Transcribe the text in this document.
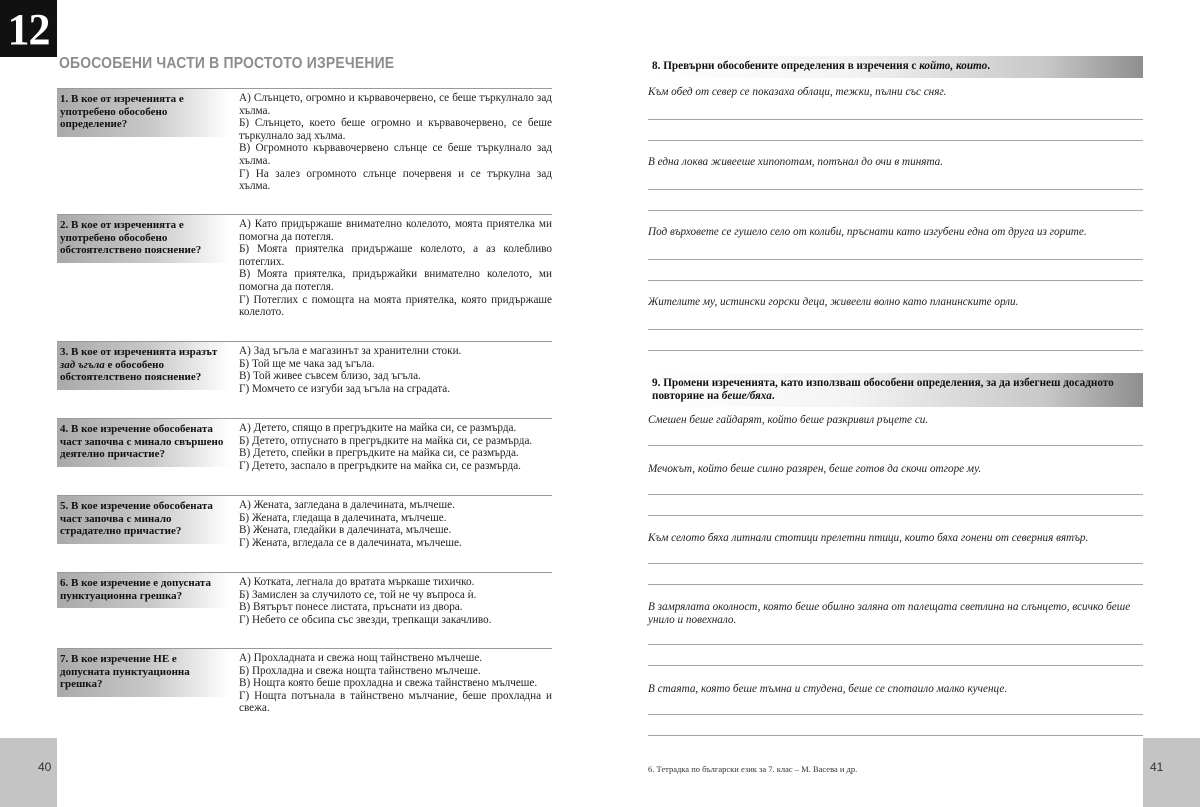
12
ОБОСОБЕНИ ЧАСТИ В ПРОСТОТО ИЗРЕЧЕНИЕ
1. В кое от изреченията е употребено обособено определение?
А) Слънцето, огромно и кървавочервено, се беше търкулнало зад хълма.
Б) Слънцето, което беше огромно и кървавочервено, се беше търкулнало зад хълма.
В) Огромното кървавочервено слънце се беше търкулнало зад хълма.
Г) На залез огромното слънце почервеня и се търкулна зад хълма.
2. В кое от изреченията е употребено обособено обстоятелствено пояснение?
А) Като придържаше внимателно колелото, моята приятелка ми помогна да потегля.
Б) Моята приятелка придържаше колелото, а аз колебливо потеглих.
В) Моята приятелка, придържайки внимателно колелото, ми помогна да потегля.
Г) Потеглих с помощта на моята приятелка, която придържаше колелото.
3. В кое от изреченията изразът зад ъгъла е обособено обстоятелствено пояснение?
А) Зад ъгъла е магазинът за хранителни стоки.
Б) Той ще ме чака зад ъгъла.
В) Той живее съвсем близо, зад ъгъла.
Г) Момчето се изгуби зад ъгъла на сградата.
4. В кое изречение обособената част започва с минало свършено деятелно причастие?
А) Детето, спящо в прегръдките на майка си, се размърда.
Б) Детето, отпуснато в прегръдките на майка си, се размърда.
В) Детето, спейки в прегръдките на майка си, се размърда.
Г) Детето, заспало в прегръдките на майка си, се размърда.
5. В кое изречение обособената част започва с минало страдателно причастие?
А) Жената, загледана в далечината, мълчеше.
Б) Жената, гледаща в далечината, мълчеше.
В) Жената, гледайки в далечината, мълчеше.
Г) Жената, вгледала се в далечината, мълчеше.
6. В кое изречение е допусната пунктуационна грешка?
А) Котката, легнала до вратата мъркаше тихичко.
Б) Замислен за случилото се, той не чу въпроса ѝ.
В) Вятърът понесе листата, пръснати из двора.
Г) Небето се обсипа със звезди, трепкащи закачливо.
7. В кое изречение НЕ е допусната пунктуационна грешка?
А) Прохладната и свежа нощ тайнствено мълчеше.
Б) Прохладна и свежа нощта тайнствено мълчеше.
В) Нощта която беше прохладна и свежа тайнствено мълчеше.
Г) Нощта потъналa в тайнствено мълчание, беше прохладна и свежа.
40	41
8. Превърни обособените определения в изречения с който, които.
Към обед от север се показаха облаци, тежки, пълни със сняг.
В една локва живееше хипопотам, потънал до очи в тинята.
Под върховете се гушело село от колиби, пръснати като изгубени една от друга из горите.
Жителите му, истински горски деца, живеели волно като планинските орли.
9. Промени изреченията, като използваш обособени определения, за да избегнеш досадното повторяне на беше/бяха.
Смешен беше гайдарят, който беше разкривил ръцете си.
Мечокът, който беше силно разярен, беше готов да скочи отгоре му.
Към селото бяха литнали стотици прелетни птици, които бяха гонени от северния вятър.
В замрялата околност, която беше обилно заляна от палещата светлина на слънцето, всичко беше унило и повехнало.
В стаята, която беше тъмна и студена, беше се спотаило малко кученце.
6. Тетрадка по български език за 7. клас – М. Васева и др.
